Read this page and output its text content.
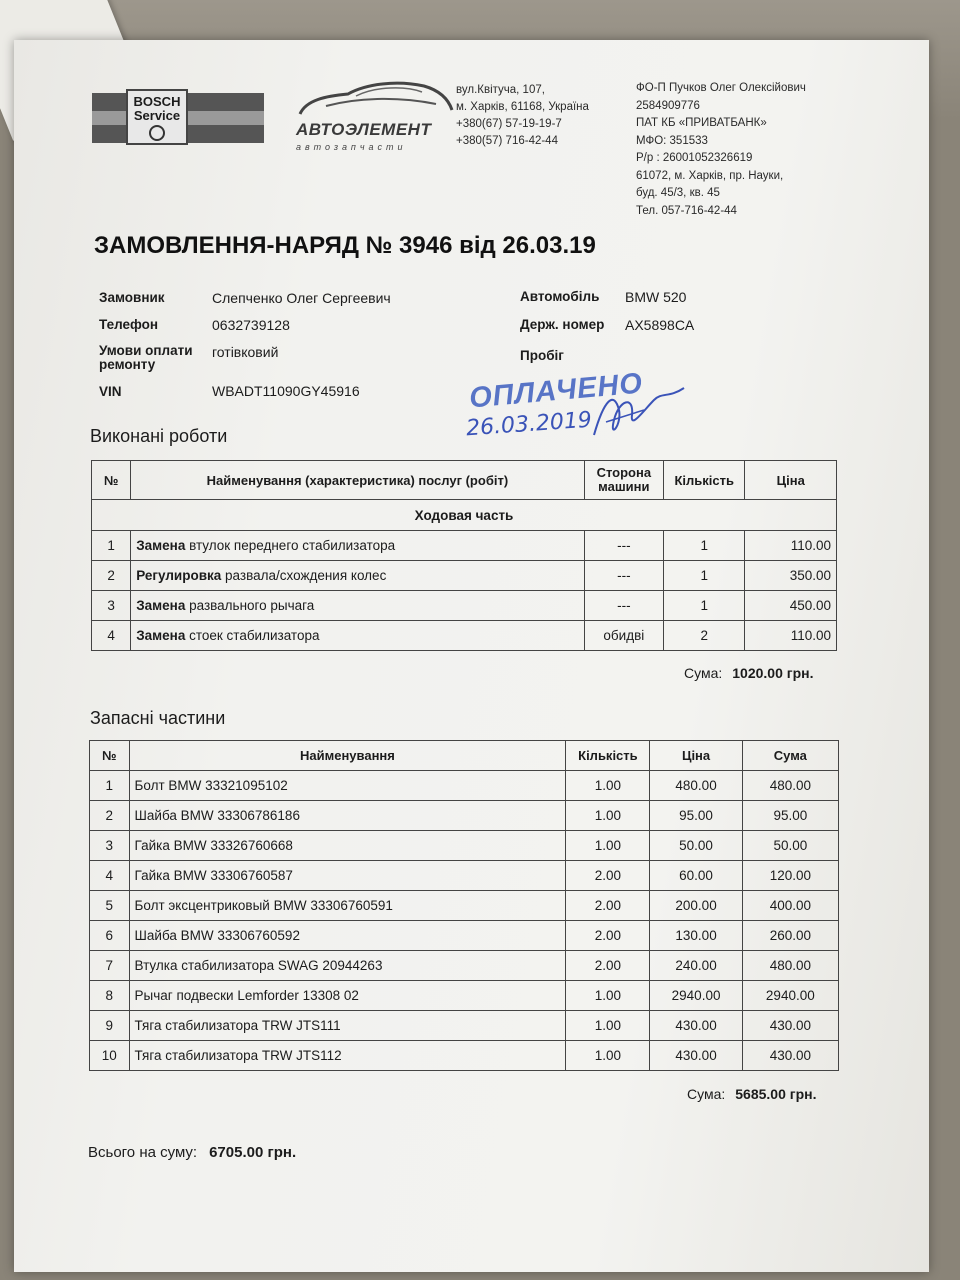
BOSCH
Service
АВТОЭЛЕМЕНТ
автозапчасти
вул.Квітуча, 107,
м. Харків, 61168, Україна
+380(67) 57-19-19-7
+380(57) 716-42-44
ФО-П Пучков Олег Олексійович
2584909776
ПАТ КБ «ПРИВАТБАНК»
МФО: 351533
Р/р : 26001052326619
61072, м. Харків, пр. Науки,
буд. 45/3, кв. 45
Тел. 057-716-42-44
ЗАМОВЛЕННЯ-НАРЯД № 3946 від 26.03.19
Замовник	Слепченко Олег Сергеевич
Телефон	0632739128
Умови оплати
ремонту
готівковий
VIN	WBADT11090GY45916
Автомобіль BMW 520
Держ. номер AX5898CA
Пробіг
ОПЛАЧЕНО
26.03.2019
Виконані роботи
№	Найменування (характеристика) послуг (робіт)	Сторона машини	Кількість	Ціна
Ходовая часть				
1	Замена втулок переднего стабилизатора	---	1	110.00
2	Регулировка развала/схождения колес	---	1	350.00
3	Замена развального рычага	---	1	450.00
4	Замена стоек стабилизатора	обидві	2	110.00
Сума: 1020.00 грн.
Запасні частини
№	Найменування	Кількість	Ціна	Сума
1	Болт BMW 33321095102	1.00	480.00	480.00
2	Шайба BMW 33306786186	1.00	95.00	95.00
3	Гайка BMW 33326760668	1.00	50.00	50.00
4	Гайка BMW 33306760587	2.00	60.00	120.00
5	Болт эксцентриковый BMW 33306760591	2.00	200.00	400.00
6	Шайба BMW 33306760592	2.00	130.00	260.00
7	Втулка стабилизатора SWAG 20944263	2.00	240.00	480.00
8	Рычаг подвески Lemforder 13308 02	1.00	2940.00	2940.00
9	Тяга стабилизатора TRW JTS111	1.00	430.00	430.00
10	Тяга стабилизатора TRW JTS112	1.00	430.00	430.00
Сума: 5685.00 грн.
Всього на суму: 6705.00 грн.
